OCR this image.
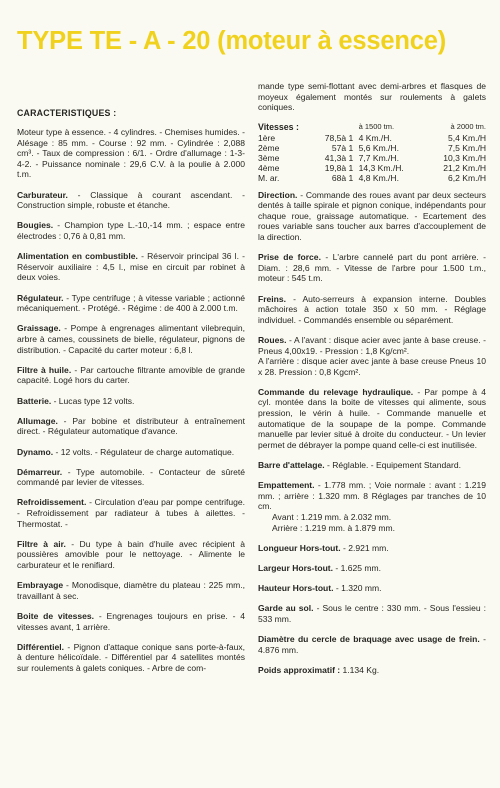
TYPE TE - A - 20 (moteur à essence)

CARACTERISTIQUES :

Moteur type à essence. - 4 cylindres. - Chemises humides. - Alésage : 85 mm. - Course : 92 mm. - Cylindrée : 2,088 cm³. - Taux de compression : 6/1. - Ordre d'allumage : 1-3-4-2. - Puissance nominale : 29,6 C.V. à la poulie à 2.000 t.m.

Carburateur. - Classique à courant ascendant. - Construction simple, robuste et étanche.

Bougies. - Champion type L.-10,-14 mm. ; espace entre électrodes : 0,76 à 0,81 mm.

Alimentation en combustible. - Réservoir principal 36 l. - Réservoir auxiliaire : 4,5 l., mise en circuit par robinet à deux voies.

Régulateur. - Type centrifuge ; à vitesse variable ; actionné mécaniquement. - Protégé. - Régime : de 400 à 2.000 t.m.

Graissage. - Pompe à engrenages alimentant vilebrequin, arbre à cames, coussinets de bielle, régulateur, pignons de distribution. - Capacité du carter moteur : 6,8 l.

Filtre à huile. - Par cartouche filtrante amovible de grande capacité. Logé hors du carter.

Batterie. - Lucas type 12 volts.

Allumage. - Par bobine et distributeur à entraînement direct. - Régulateur automatique d'avance.

Dynamo. - 12 volts. - Régulateur de charge automatique.

Démarreur. - Type automobile. - Contacteur de sûreté commandé par levier de vitesses.

Refroidissement. - Circulation d'eau par pompe centrifuge. - Refroidissement par radiateur à tubes à ailettes. - Thermostat. -

Filtre à air. - Du type à bain d'huile avec récipient à poussières amovible pour le nettoyage. - Alimente le carburateur et le renifiard.

Embrayage - Monodisque, diamètre du plateau : 225 mm., travaillant à sec.

Boite de vitesses. - Engrenages toujours en prise. - 4 vitesses avant, 1 arrière.

Différentiel. - Pignon d'attaque conique sans porte-à-faux, à denture hélicoïdale. - Différentiel par 4 satellites montés sur roulements à galets coniques. - Arbre de com-

mande type semi-flottant avec demi-arbres et flasques de moyeux également montés sur roulements à galets coniques.

Vitesses :			à 1500 tm.	à 2000 tm.
1ère	78,5	à 1	4 Km./H.	5,4 Km./H
2ème	57	à 1	5,6 Km./H.	7,5 Km./H
3ème	41,3	à 1	7,7 Km./H.	10,3 Km./H
4ème	19,8	à 1	14,3 Km./H.	21,2 Km./H
M. ar.	68	à 1	4,8 Km./H.	6,2 Km./H

Direction. - Commande des roues avant par deux secteurs dentés à taille spirale et pignon conique, indépendants pour chaque roue, graissage automatique. - Ecartement des roues variable sans toucher aux barres d'accouplement de la direction.

Prise de force. - L'arbre cannelé part du pont arrière. - Diam. : 28,6 mm. - Vitesse de l'arbre pour 1.500 t.m., moteur : 545 t.m.

Freins. - Auto-serreurs à expansion interne. Doubles mâchoires à action totale 350 x 50 mm. - Réglage individuel. - Commandés ensemble ou séparément.

Roues. - A l'avant : disque acier avec jante à base creuse. - Pneus 4,00x19. - Pression : 1,8 Kg/cm².

A l'arrière : disque acier avec jante à base creuse Pneus 10 x 28. Pression : 0,8 Kgcm².

Commande du relevage hydraulique. - Par pompe à 4 cyl. montée dans la boite de vitesses qui alimente, sous pression, le vérin à huile. - Commande manuelle et automatique de la soupape de la pompe. Commande manuelle par levier situé à droite du conducteur. - Un levier permet de débrayer la pompe quand celle-ci est inutilisée.

Barre d'attelage. - Réglable. - Equipement Standard.

Empattement. - 1.778 mm. ; Voie normale : avant : 1.219 mm. ; arrière : 1.320 mm. 8 Réglages par tranches de 10 cm.

Avant : 1.219 mm. à 2.032 mm.

Arrière : 1.219 mm. à 1.879 mm.

Longueur Hors-tout. - 2.921 mm.

Largeur Hors-tout. - 1.625 mm.

Hauteur Hors-tout. - 1.320 mm.

Garde au sol. - Sous le centre : 330 mm. - Sous l'essieu : 533 mm.

Diamètre du cercle de braquage avec usage de frein. - 4.876 mm.

Poids approximatif : 1.134 Kg.
